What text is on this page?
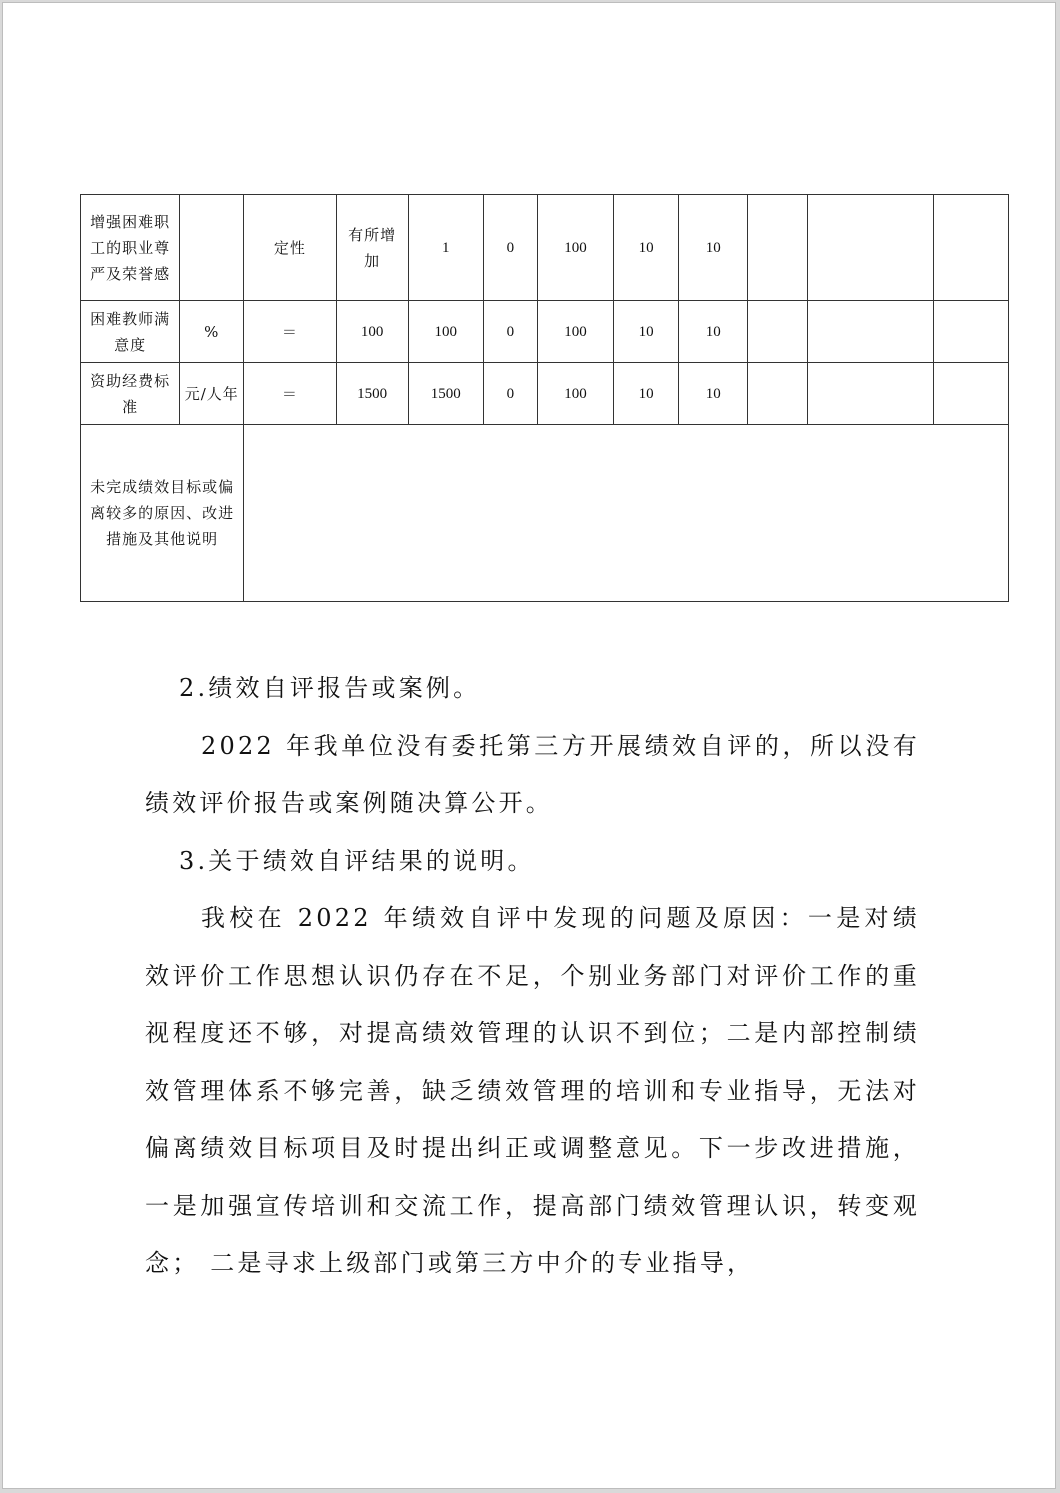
增强困难职工的职业尊严及荣誉感		定性	有所增加	1	0	100	10	10			
困难教师满意度	%	＝	100	100	0	100	10	10			
资助经费标准	元/人年	＝	1500	1500	0	100	10	10			
未完成绩效目标或偏离较多的原因、改进措施及其他说明											

2.绩效自评报告或案例。

2022 年我单位没有委托第三方开展绩效自评的，所以没有绩效评价报告或案例随决算公开。

3.关于绩效自评结果的说明。

我校在 2022 年绩效自评中发现的问题及原因：一是对绩效评价工作思想认识仍存在不足，个别业务部门对评价工作的重视程度还不够，对提高绩效管理的认识不到位；二是内部控制绩效管理体系不够完善，缺乏绩效管理的培训和专业指导，无法对偏离绩效目标项目及时提出纠正或调整意见。下一步改进措施，一是加强宣传培训和交流工作，提高部门绩效管理认识，转变观念； 二是寻求上级部门或第三方中介的专业指导，
